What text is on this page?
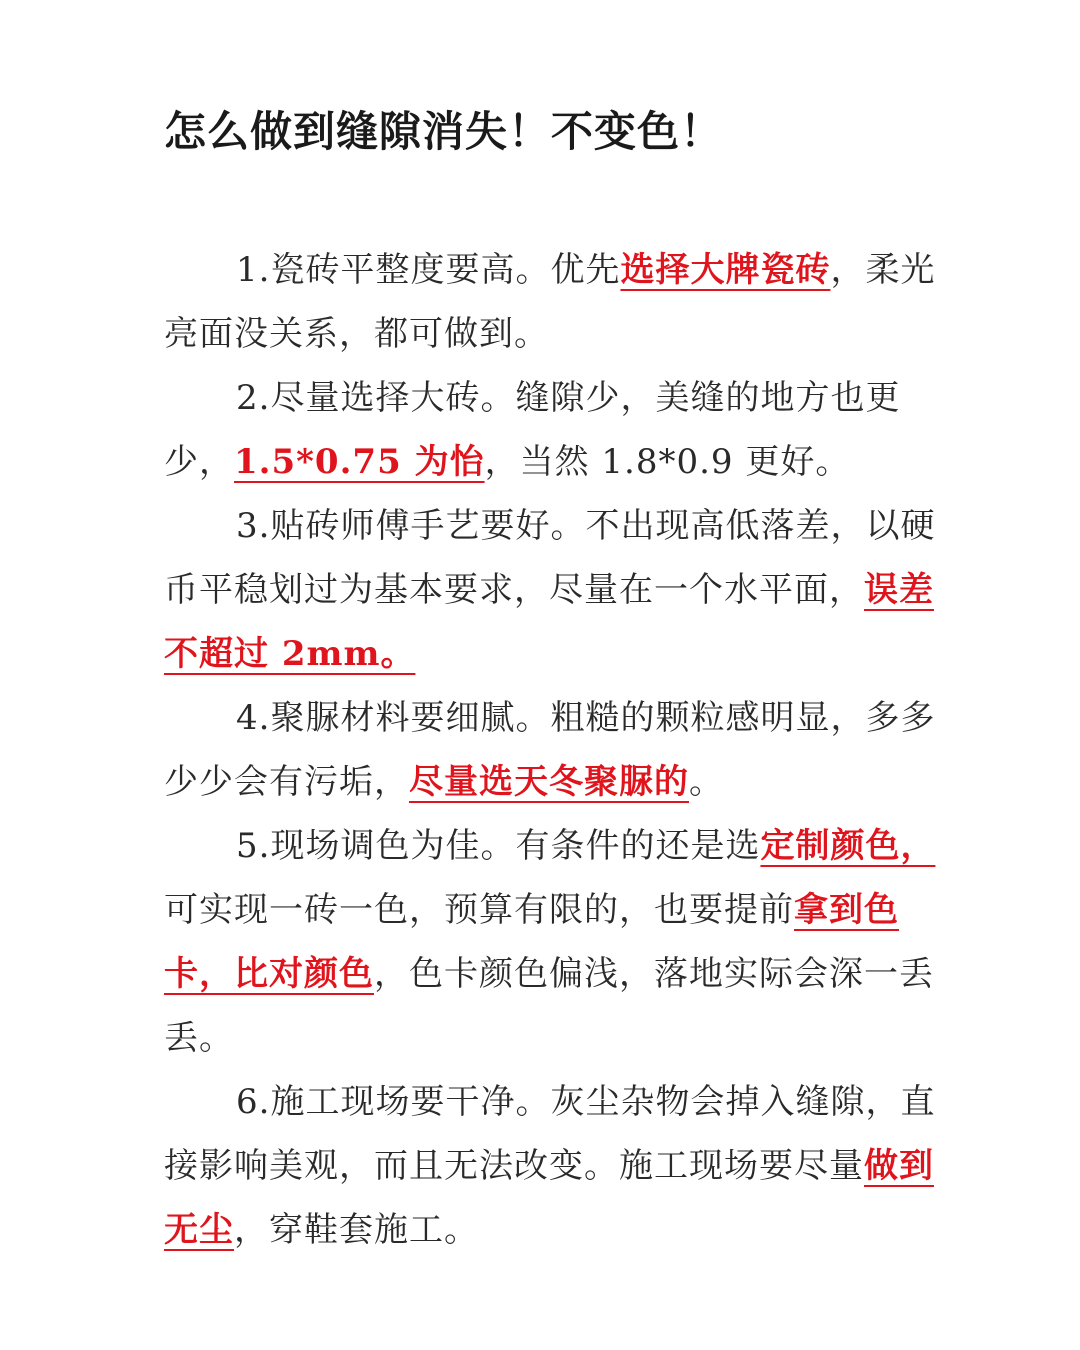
怎么做到缝隙消失！不变色！

1.瓷砖平整度要高。优先选择大牌瓷砖，柔光亮面没关系，都可做到。

2.尽量选择大砖。缝隙少，美缝的地方也更少，1.5*0.75 为怡，当然 1.8*0.9 更好。

3.贴砖师傅手艺要好。不出现高低落差，以硬币平稳划过为基本要求，尽量在一个水平面，误差不超过 2mm。

4.聚脲材料要细腻。粗糙的颗粒感明显，多多少少会有污垢，尽量选天冬聚脲的。

5.现场调色为佳。有条件的还是选定制颜色，可实现一砖一色，预算有限的，也要提前拿到色卡，比对颜色，色卡颜色偏浅，落地实际会深一丢丢。

6.施工现场要干净。灰尘杂物会掉入缝隙，直接影响美观，而且无法改变。施工现场要尽量做到无尘，穿鞋套施工。
